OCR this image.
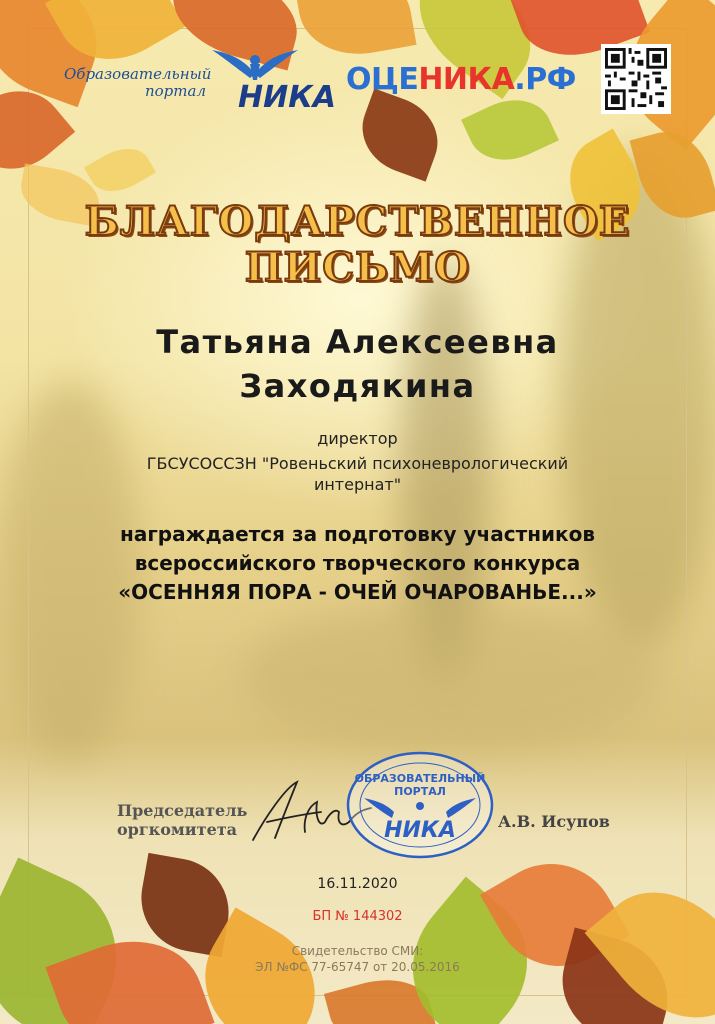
Образовательный
портал НИКА
ОЦЕНИКА.РФ
БЛАГОДАРСТВЕННОЕ
ПИСЬМО
Татьяна Алексеевна
Заходякина
директор
ГБСУСОССЗН "Ровеньский психоневрологический
интернат"
награждается за подготовку участников
всероссийского творческого конкурса
«ОСЕННЯЯ ПОРА - ОЧЕЙ ОЧАРОВАНЬЕ...»
Председатель
оргкомитета
ОБРАЗОВАТЕЛЬНЫЙ
ПОРТАЛ
НИКА	А.В. Исупов
16.11.2020
БП № 144302
Свидетельство СМИ:
ЭЛ №ФС 77-65747 от 20.05.2016
